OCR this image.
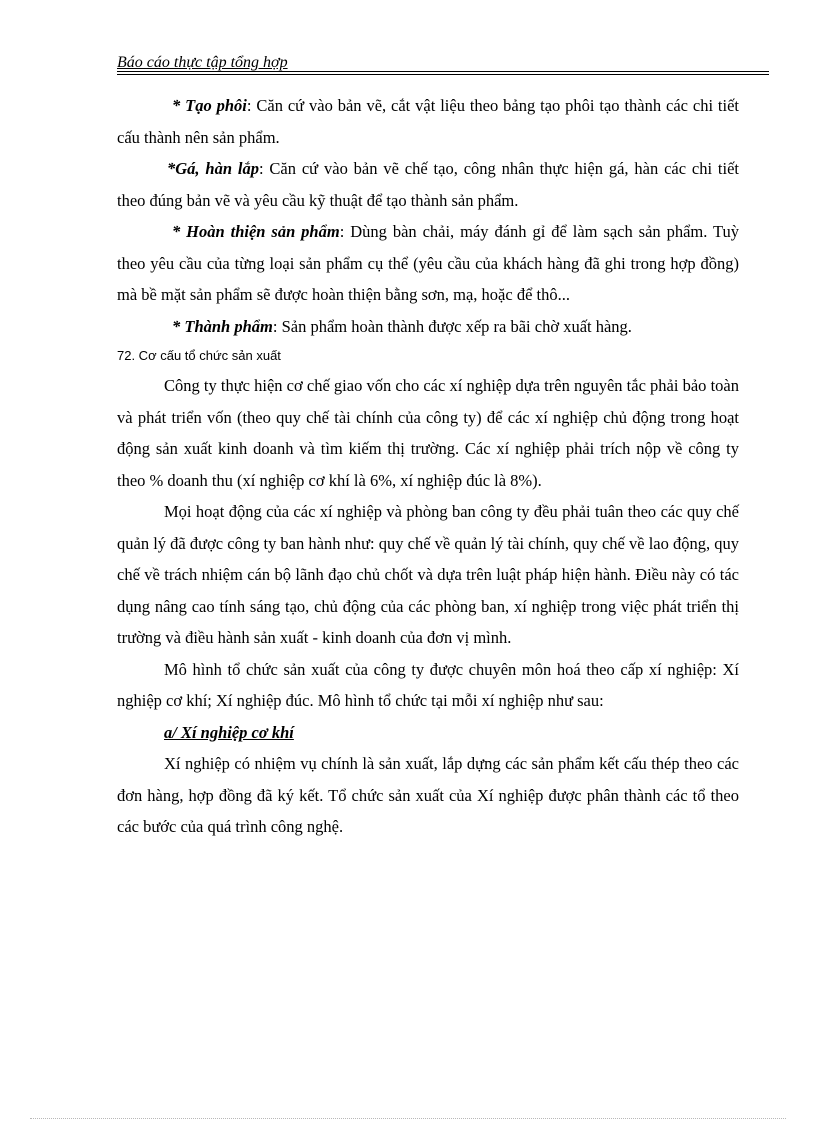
Báo cáo thực tập tổng hợp

* Tạo phôi: Căn cứ vào bản vẽ, cắt vật liệu theo bảng tạo phôi tạo thành các chi tiết cấu thành nên sản phẩm.

*Gá, hàn lắp: Căn cứ vào bản vẽ chế tạo, công nhân thực hiện gá, hàn các chi tiết theo đúng bản vẽ và yêu cầu kỹ thuật để tạo thành sản phẩm.

* Hoàn thiện sản phẩm: Dùng bàn chải, máy đánh gỉ để làm sạch sản phẩm. Tuỳ theo yêu cầu của từng loại sản phẩm cụ thể (yêu cầu của khách hàng đã ghi trong hợp đồng) mà bề mặt sản phẩm sẽ được hoàn thiện bằng sơn, mạ, hoặc để thô...

* Thành phẩm: Sản phẩm hoàn thành được xếp ra bãi chờ xuất hàng.

72. Cơ cấu tổ chức sản xuất

Công ty thực hiện cơ chế giao vốn cho các xí nghiệp dựa trên nguyên tắc phải bảo toàn và phát triển vốn (theo quy chế tài chính của công ty) để các xí nghiệp chủ động trong hoạt động sản xuất kinh doanh và tìm kiếm thị trường. Các xí nghiệp phải trích nộp về công ty theo % doanh thu (xí nghiệp cơ khí là 6%, xí nghiệp đúc là 8%).

Mọi hoạt động của các xí nghiệp và phòng ban công ty đều phải tuân theo các quy chế quản lý đã được công ty ban hành như: quy chế về quản lý tài chính, quy chế về lao động, quy chế về trách nhiệm cán bộ lãnh đạo chủ chốt và dựa trên luật pháp hiện hành. Điều này có tác dụng nâng cao tính sáng tạo, chủ động của các phòng ban, xí nghiệp trong việc phát triển thị trường và điều hành sản xuất - kinh doanh của đơn vị mình.

Mô hình tổ chức sản xuất của công ty được chuyên môn hoá theo cấp xí nghiệp: Xí nghiệp cơ khí; Xí nghiệp đúc. Mô hình tổ chức tại mỗi xí nghiệp như sau:

a/ Xí nghiệp cơ khí

Xí nghiệp có nhiệm vụ chính là sản xuất, lắp dựng các sản phẩm kết cấu thép theo các đơn hàng, hợp đồng đã ký kết. Tổ chức sản xuất của Xí nghiệp được phân thành các tổ theo các bước của quá trình công nghệ.
